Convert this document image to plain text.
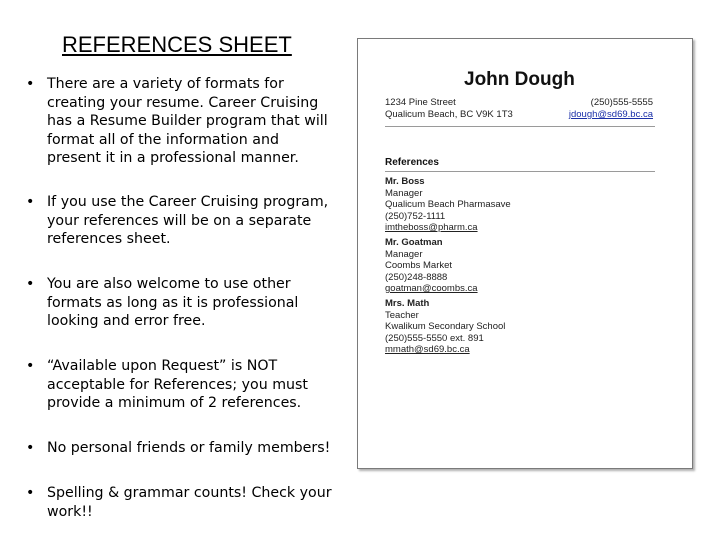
REFERENCES SHEET
• There are a variety of formats for creating your resume. Career Cruising has a Resume Builder program that will format all of the information and present it in a professional manner.
• If you use the Career Cruising program, your references will be on a separate references sheet.
• You are also welcome to use other formats as long as it is professional looking and error free.
• “Available upon Request” is NOT acceptable for References; you must provide a minimum of 2 references.
• No personal friends or family members!
• Spelling & grammar counts! Check your work!!
John Dough
1234 Pine Street
Qualicum Beach, BC V9K 1T3
(250)555-5555
jdough@sd69.bc.ca
References
Mr. Boss
Manager
Qualicum Beach Pharmasave
(250)752-1111
imtheboss@pharm.ca
Mr. Goatman
Manager
Coombs Market
(250)248-8888
goatman@coombs.ca
Mrs. Math
Teacher
Kwalikum Secondary School
(250)555-5550 ext. 891
mmath@sd69.bc.ca
